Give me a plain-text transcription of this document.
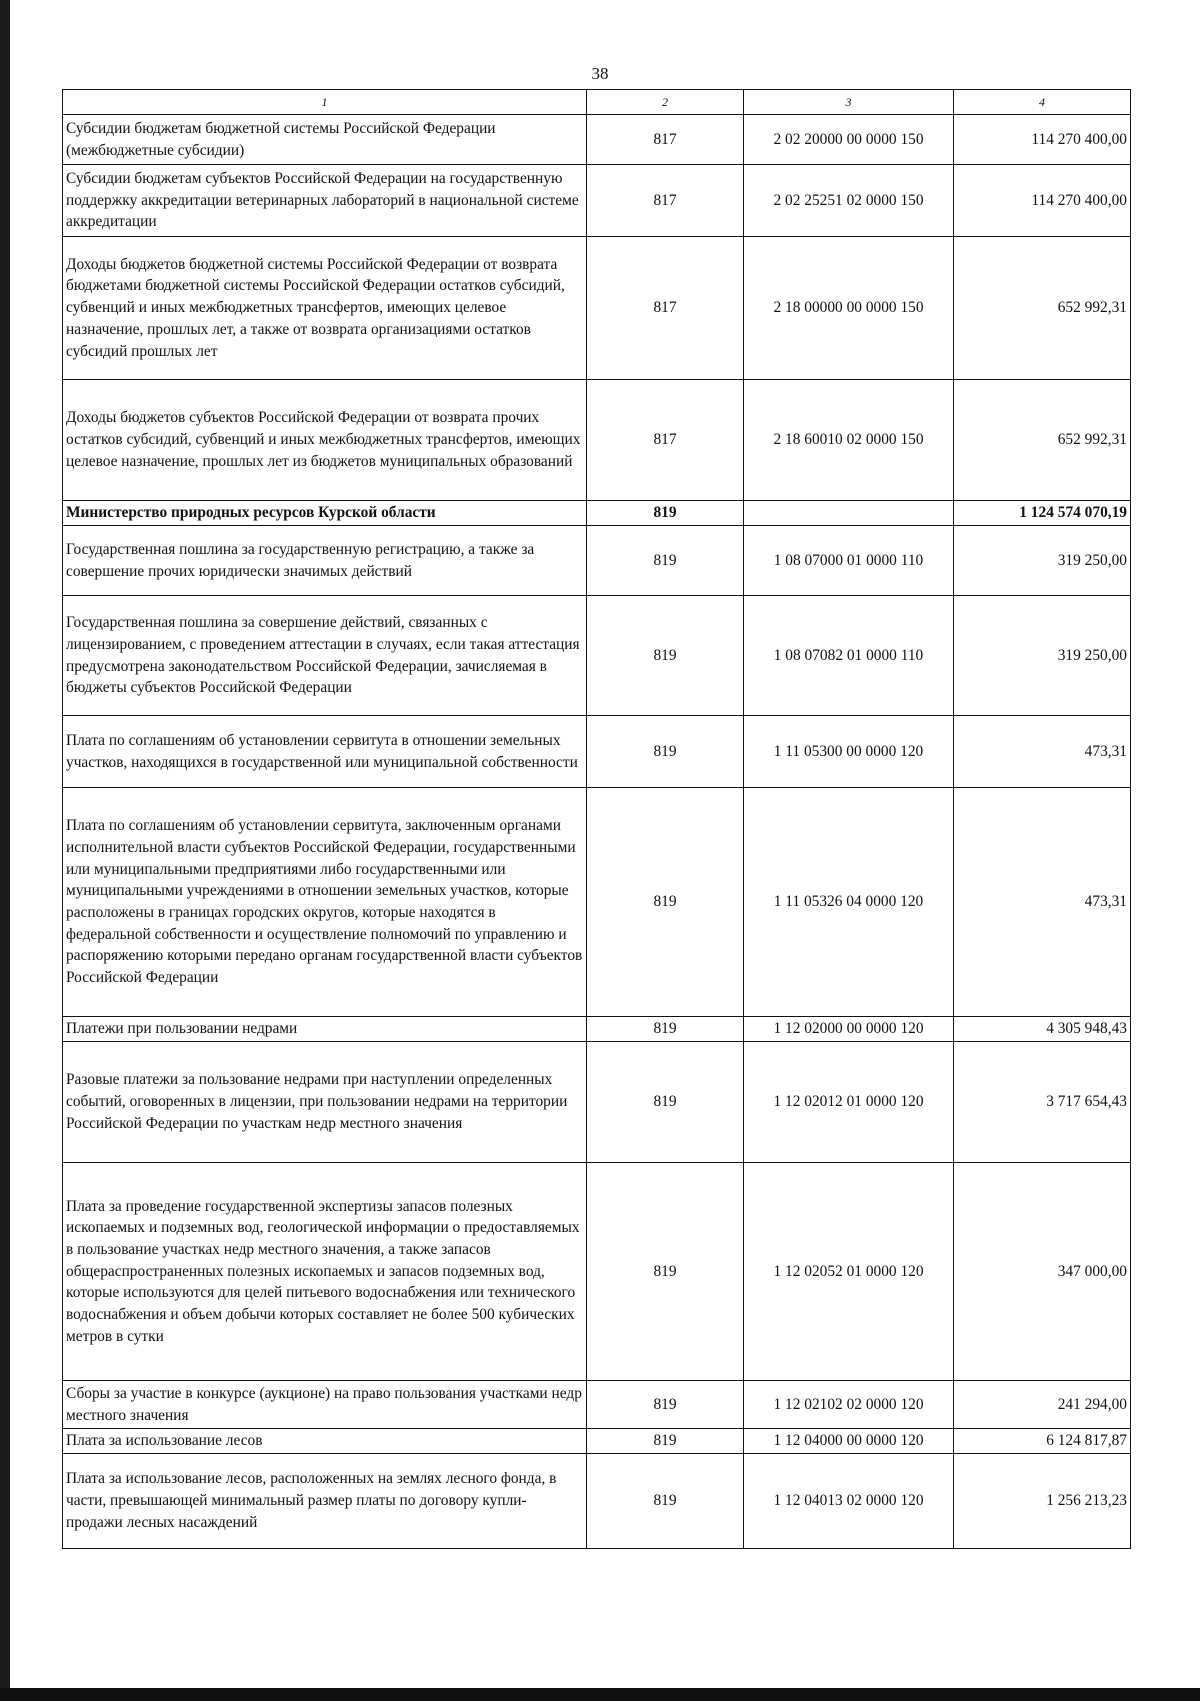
38
1	2	3	4
Субсидии бюджетам бюджетной системы Российской Федерации (межбюджетные субсидии)	817	2 02 20000 00 0000 150	114 270 400,00
Субсидии бюджетам субъектов Российской Федерации на государственную поддержку аккредитации ветеринарных лабораторий в национальной системе аккредитации	817	2 02 25251 02 0000 150	114 270 400,00
Доходы бюджетов бюджетной системы Российской Федерации от возврата бюджетами бюджетной системы Российской Федерации остатков субсидий, субвенций и иных межбюджетных трансфертов, имеющих целевое назначение, прошлых лет, а также от возврата организациями остатков субсидий прошлых лет	817	2 18 00000 00 0000 150	652 992,31
Доходы бюджетов субъектов Российской Федерации от возврата прочих остатков субсидий, субвенций и иных межбюджетных трансфертов, имеющих целевое назначение, прошлых лет из бюджетов муниципальных образований	817	2 18 60010 02 0000 150	652 992,31
Министерство природных ресурсов Курской области	819		1 124 574 070,19
Государственная пошлина за государственную регистрацию, а также за совершение прочих юридически значимых действий	819	1 08 07000 01 0000 110	319 250,00
Государственная пошлина за совершение действий, связанных с лицензированием, с проведением аттестации в случаях, если такая аттестация предусмотрена законодательством Российской Федерации, зачисляемая в бюджеты субъектов Российской Федерации	819	1 08 07082 01 0000 110	319 250,00
Плата по соглашениям об установлении сервитута в отношении земельных участков, находящихся в государственной или муниципальной собственности	819	1 11 05300 00 0000 120	473,31
Плата по соглашениям об установлении сервитута, заключенным органами исполнительной власти субъектов Российской Федерации, государственными или муниципальными предприятиями либо государственными или муниципальными учреждениями в отношении земельных участков, которые расположены в границах городских округов, которые находятся в федеральной собственности и осуществление полномочий по управлению и распоряжению которыми передано органам государственной власти субъектов Российской Федерации	819	1 11 05326 04 0000 120	473,31
Платежи при пользовании недрами	819	1 12 02000 00 0000 120	4 305 948,43
Разовые платежи за пользование недрами при наступлении определенных событий, оговоренных в лицензии, при пользовании недрами на территории Российской Федерации по участкам недр местного значения	819	1 12 02012 01 0000 120	3 717 654,43
Плата за проведение государственной экспертизы запасов полезных ископаемых и подземных вод, геологической информации о предоставляемых в пользование участках недр местного значения, а также запасов общераспространенных полезных ископаемых и запасов подземных вод, которые используются для целей питьевого водоснабжения или технического водоснабжения и объем добычи которых составляет не более 500 кубических метров в сутки	819	1 12 02052 01 0000 120	347 000,00
Сборы за участие в конкурсе (аукционе) на право пользования участками недр местного значения	819	1 12 02102 02 0000 120	241 294,00
Плата за использование лесов	819	1 12 04000 00 0000 120	6 124 817,87
Плата за использование лесов, расположенных на землях лесного фонда, в части, превышающей минимальный размер платы по договору купли-продажи лесных насаждений	819	1 12 04013 02 0000 120	1 256 213,23
